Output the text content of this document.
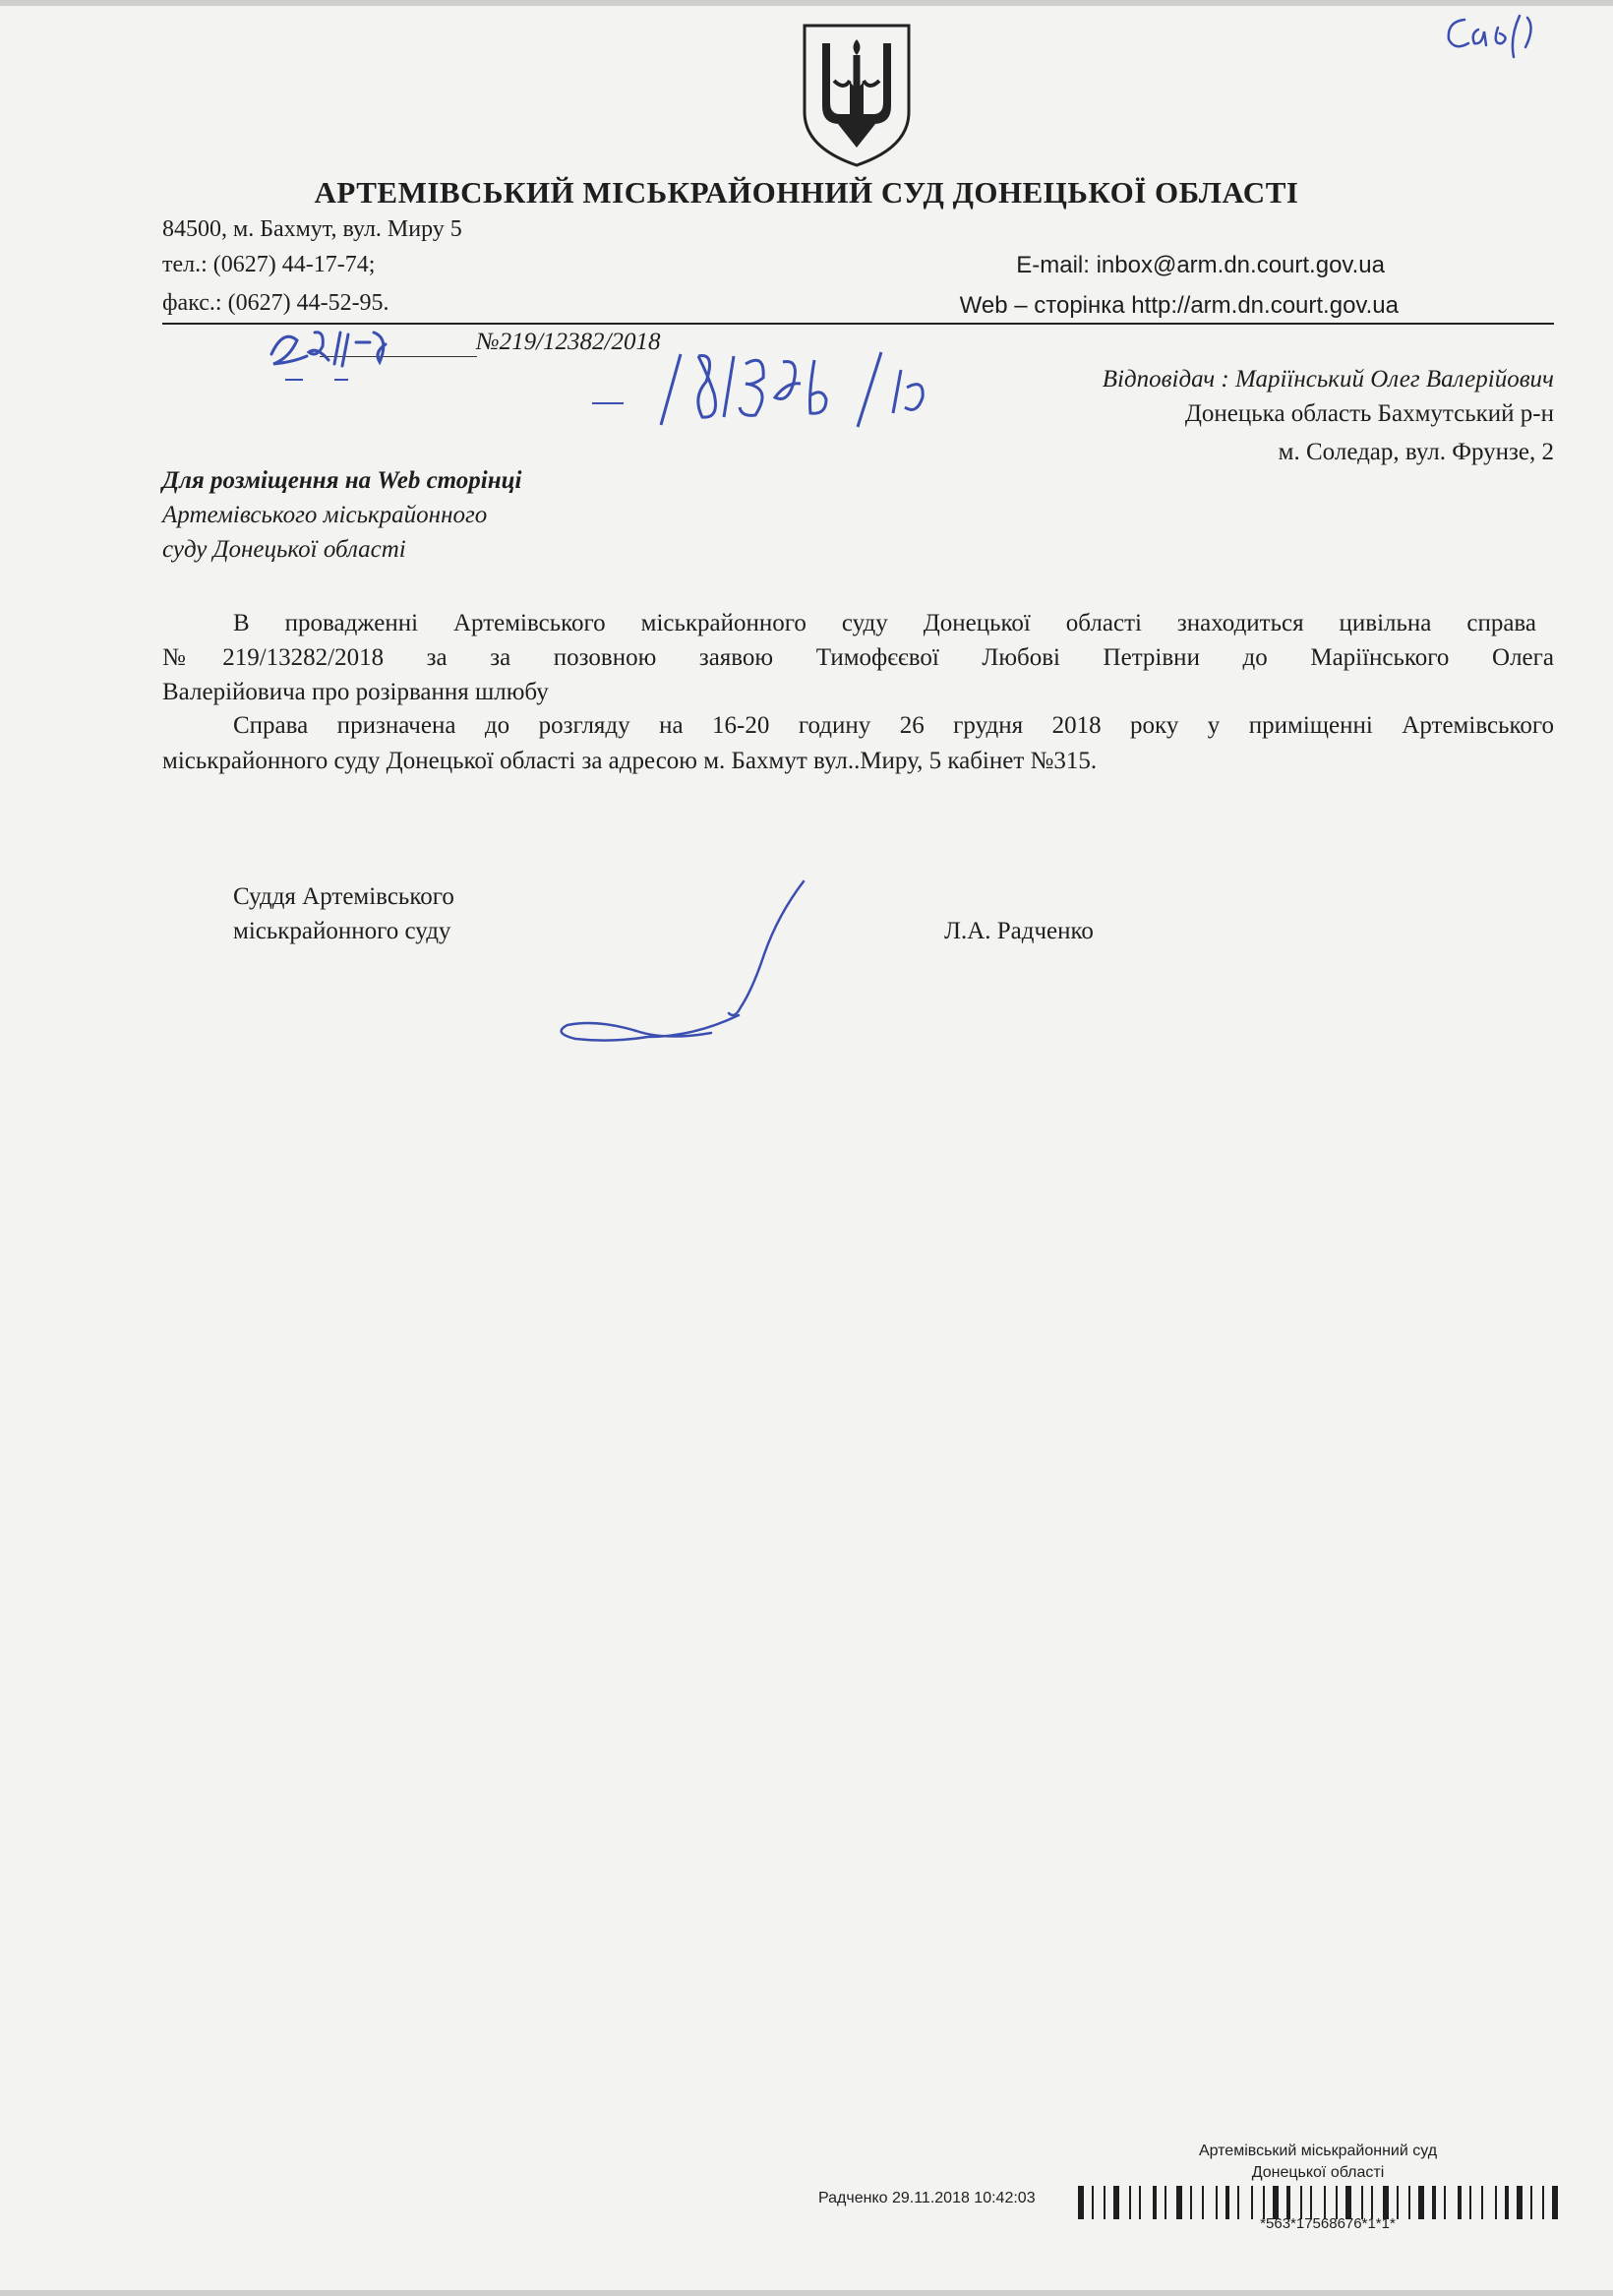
АРТЕМІВСЬКИЙ МІСЬКРАЙОННИЙ СУД ДОНЕЦЬКОЇ ОБЛАСТІ
84500, м. Бахмут, вул. Миру 5
тел.: (0627) 44-17-74;
факс.: (0627) 44-52-95.
E-mail: inbox@arm.dn.court.gov.ua
Web – сторінка http://arm.dn.court.gov.ua
№219/12382/2018
Відповідач : Маріїнський Олег Валерійович
Донецька область Бахмутський р-н
м. Соледар, вул. Фрунзе, 2
Для розміщення на Web сторінці
Артемівського міськрайонного
суду Донецької області
В провадженні Артемівського міськрайонного суду Донецької області знаходиться цивільна справа
№219/13282/2018 за за позовною заявою Тимофєєвої Любові Петрівни до Маріїнського Олега
Валерійовича про розірвання шлюбу
Справа призначена до розгляду на 16-20 годину 26 грудня 2018 року у приміщенні Артемівського
міськрайонного суду Донецької області за адресою м. Бахмут вул..Миру, 5 кабінет №315.
Суддя Артемівського
міськрайонного суду	Л.А. Радченко
Артемівський міськрайонний суд
Донецької області
Радченко 29.11.2018 10:42:03
*563*17568676*1*1*
